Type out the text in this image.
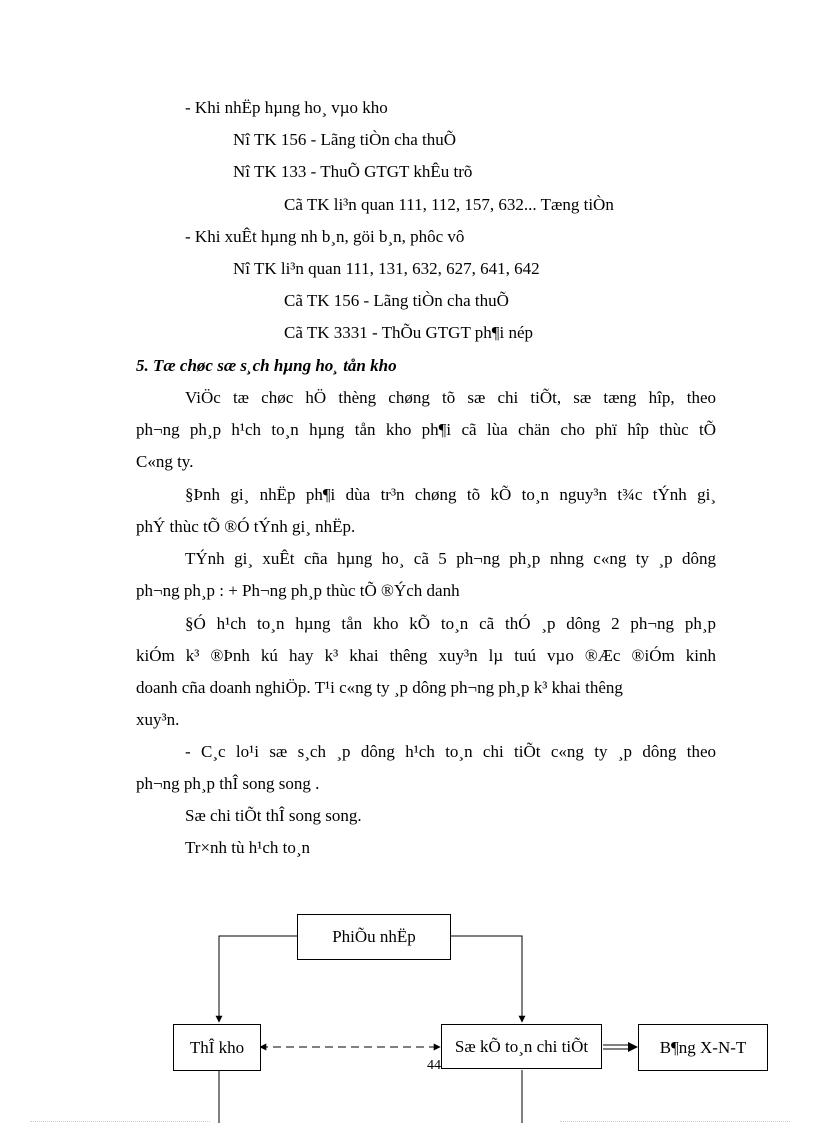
- Khi nhËp hµng ho¸ vµo kho
Nî TK 156 - Lãng tiÒn cha thuÕ
Nî TK 133 - ThuÕ GTGT khÊu trõ
Cã TK li³n quan 111, 112, 157, 632... Tæng tiÒn
- Khi xuÊt hµng nh b¸n, göi b¸n, phôc vô
Nî TK li³n quan 111, 131, 632, 627, 641, 642
Cã TK 156 - Lãng tiÒn cha thuÕ
Cã TK 3331 - ThÕu GTGT ph¶i nép
5. Tæ chøc sæ s¸ch hµng ho¸ tån kho
ViÖc tæ chøc hÖ thèng chøng tõ sæ chi tiÕt, sæ tæng hîp, theo
ph¬ng ph¸p h¹ch to¸n hµng tån kho ph¶i cã lùa chän cho phï hîp thùc tÕ
C«ng ty.
§Þnh gi¸ nhËp ph¶i dùa tr³n chøng tõ kÕ to¸n nguy³n t¾c tÝnh gi¸
phÝ thùc tÕ ®Ó tÝnh gi¸ nhËp.
TÝnh gi¸ xuÊt cña hµng ho¸ cã 5 ph¬ng ph¸p nhng c«ng ty ¸p dông
ph¬ng ph¸p : + Ph¬ng ph¸p thùc tÕ ®Ých danh
§Ó h¹ch to¸n hµng tån kho kÕ to¸n cã thÓ ¸p dông 2 ph¬ng ph¸p
kiÓm k³ ®Þnh kú hay k³ khai thêng xuy³n lµ tuú vµo ®Æc ®iÓm kinh
doanh cña doanh nghiÖp. T¹i c«ng ty ¸p dông ph¬ng ph¸p k³ khai thêng
xuy³n.
- C¸c lo¹i sæ s¸ch ¸p dông h¹ch to¸n chi tiÕt c«ng ty ¸p dông theo
ph¬ng ph¸p thÎ song song .
Sæ chi tiÕt thÎ song song.
Tr×nh tù h¹ch to¸n
PhiÕu nhËp
ThÎ kho	Sæ kÕ to¸n chi tiÕt	B¶ng X-N-T
44
